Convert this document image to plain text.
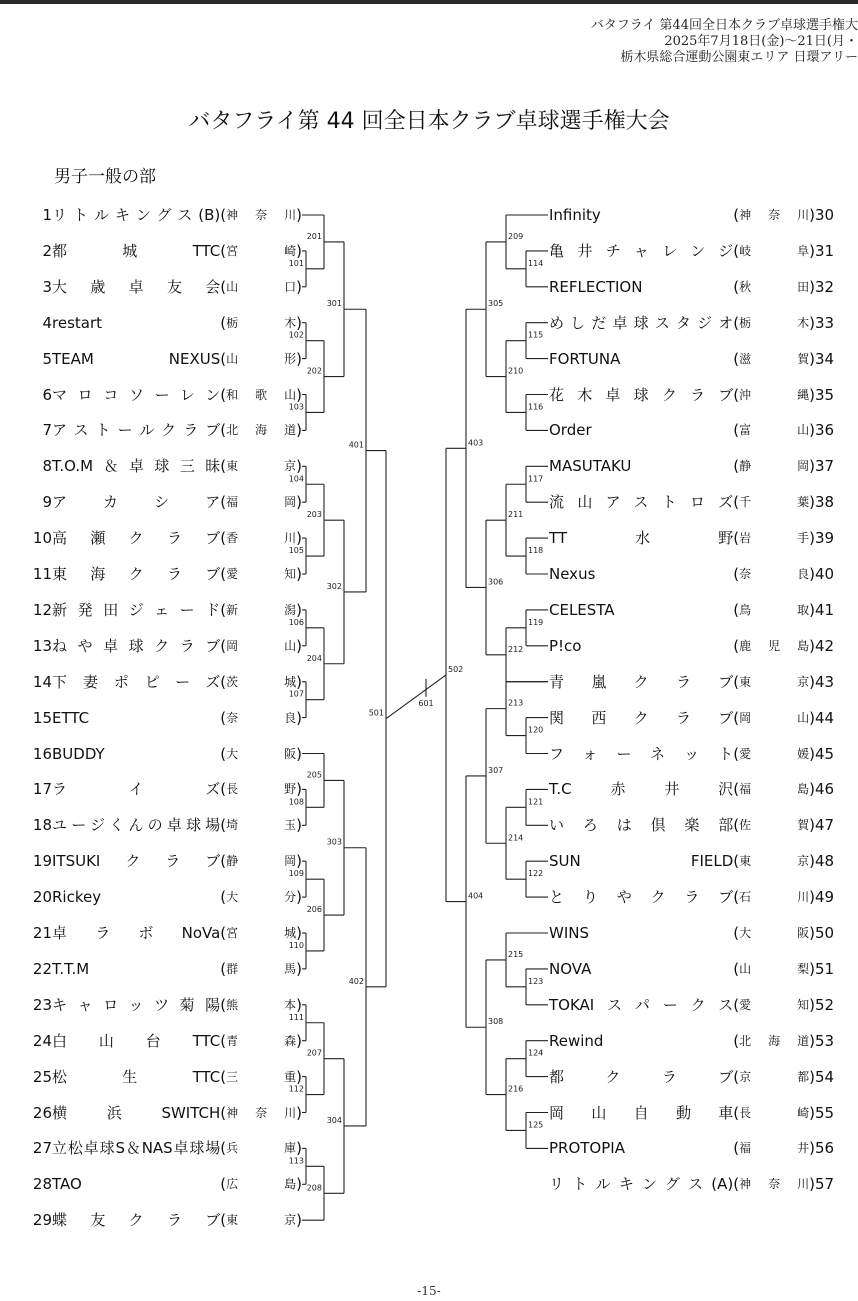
バタフライ 第44回全日本クラブ卓球選手権大
2025年7月18日(金)～21日(月・
栃木県総合運動公園東エリア 日環アリー
バタフライ第 44 回全日本クラブ卓球選手権大会
男子一般の部
1 リトルキングス(B) ( 神奈川 )
2 都城TTC ( 宮崎 )
3 大歳卓友会 ( 山口 )
4 restart	( 栃木 )
5 TEAM NEXUS ( 山形 )
6 マロコソーレン ( 和歌山 )
7 アストールクラブ ( 北海道 )
8 T.O.M＆卓球三昧 ( 東京 )
9 アカシア ( 福岡 )
10 高瀬クラブ ( 香川 )
11 東海クラブ ( 愛知 )
12 新発田ジェード ( 新潟 )
13 ねや卓球クラブ ( 岡山 )
14 下妻ポピーズ ( 茨城 )
15 ETTC	( 奈良 )
16 BUDDY	( 大阪 )
17 ライズ ( 長野 )
18 ユージくんの卓球場 ( 埼玉 )
19 ITSUKIクラブ ( 静岡 )
20 Rickey	( 大分 )
21 卓ラボNoVa ( 宮城 )
22 T.T.M	( 群馬 )
23 キャロッツ菊陽 ( 熊本 )
24 白山台TTC ( 青森 )
25 松生TTC ( 三重 )
26 横浜SWITCH ( 神奈川 )
27 立松卓球S＆NAS卓球場 ( 兵庫 )
28 TAO	( 広島 )
29 蝶友クラブ ( 東京 )
Infinity	( 神奈川 ) 30
亀井チャレンジ ( 岐阜 ) 31
REFLECTION	( 秋田 ) 32
めしだ卓球スタジオ ( 栃木 ) 33
FORTUNA	( 滋賀 ) 34
花木卓球クラブ ( 沖縄 ) 35
Order	( 富山 ) 36
MASUTAKU	( 静岡 ) 37
流山アストロズ ( 千葉 ) 38
TT水野 ( 岩手 ) 39
Nexus	( 奈良 ) 40
CELESTA	( 鳥取 ) 41
P!co	( 鹿児島 ) 42
青嵐クラブ ( 東京 ) 43
関西クラブ ( 岡山 ) 44
フォーネット ( 愛媛 ) 45
T.C赤井沢 ( 福島 ) 46
いろは倶楽部 ( 佐賀 ) 47
SUN FIELD ( 東京 ) 48
とりやクラブ ( 石川 ) 49
WINS	( 大阪 ) 50
NOVA	( 山梨 ) 51
TOKAIスパークス ( 愛知 ) 52
Rewind	( 北海道 ) 53
都クラブ ( 京都 ) 54
岡山自動車 ( 長崎 ) 55
PROTOPIA	( 福井 ) 56
リトルキングス(A) ( 神奈川 ) 57
101
102
103
104
105
106
107
108
109
110
111
112
113
201
202
203
204
205
206
207
208
301
302
303
304
401
402
501
114
115
116
117
118
119
120
121
122
123
124
125
209
210
211
212
213
214
215
216
305
306
307
308
403
404
502
601
-15-
